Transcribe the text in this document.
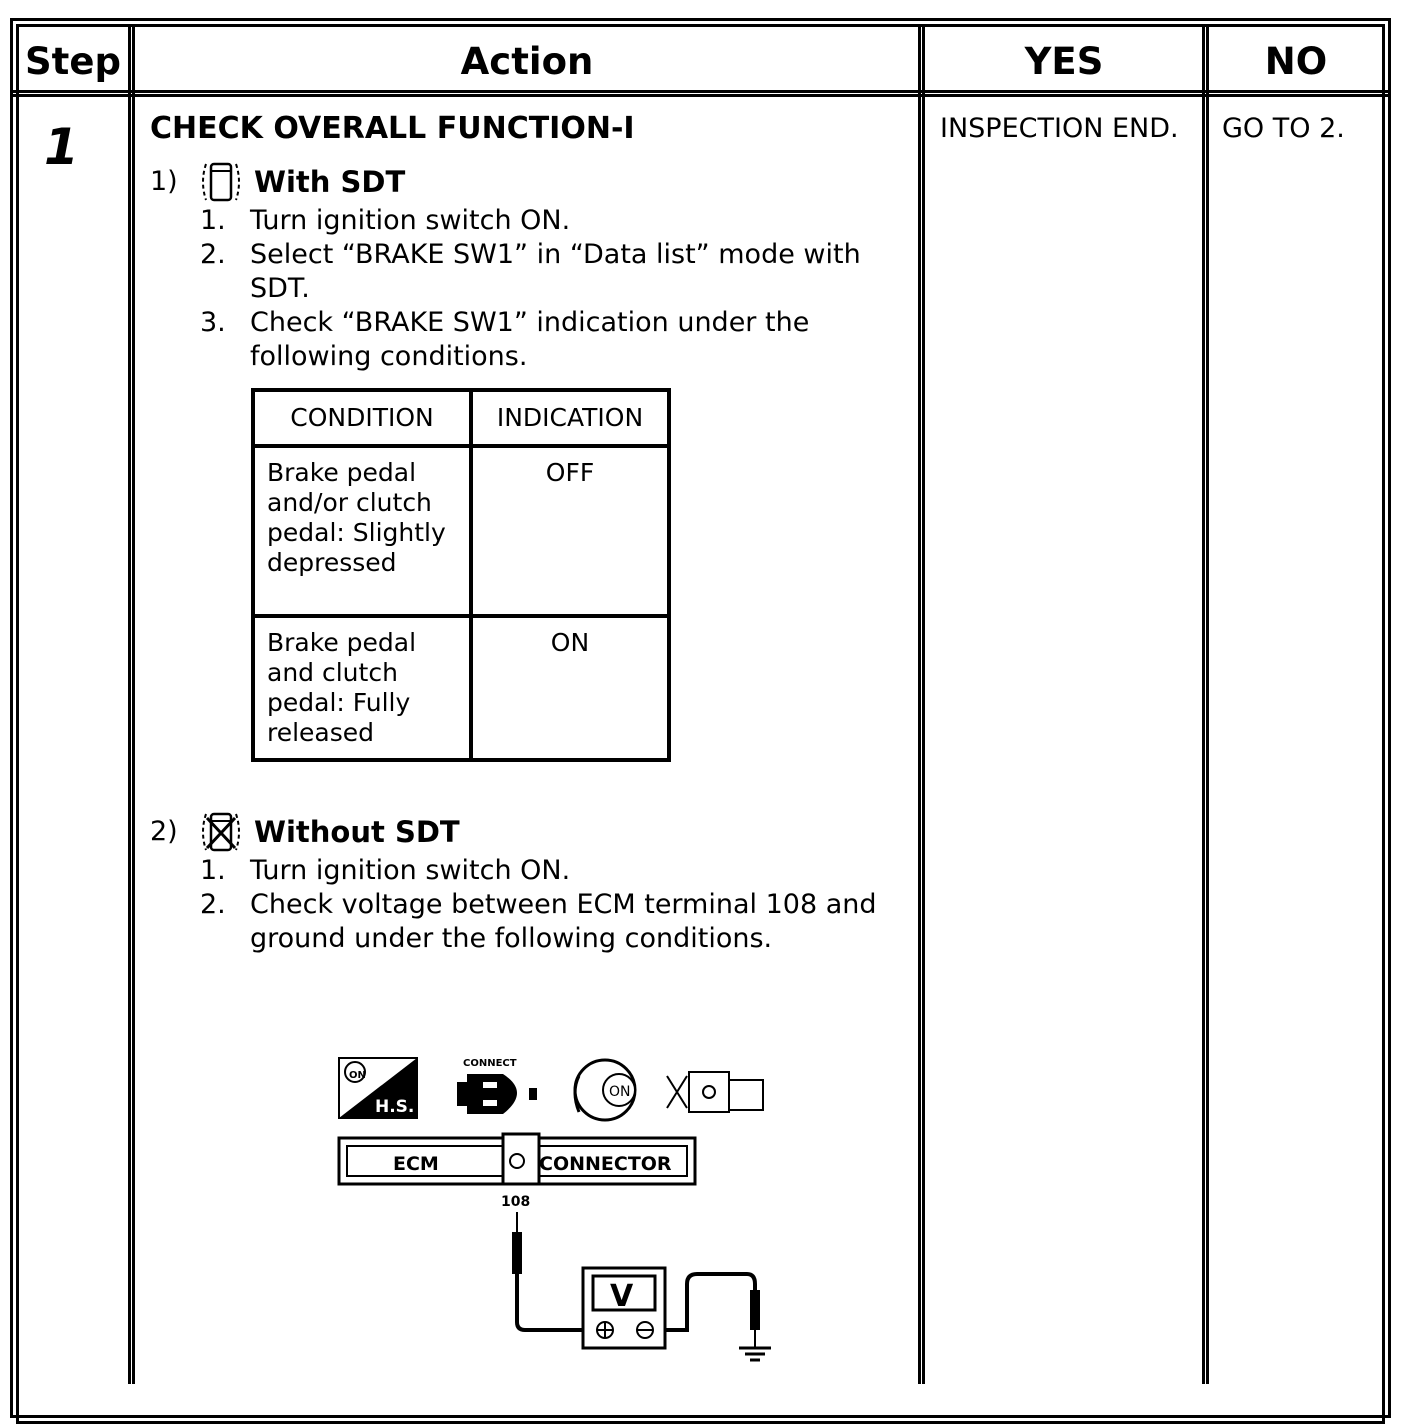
Step	Action	YES	NO
1 CHECK OVERALL FUNCTION-I
1)	With SDT
1. Turn ignition switch ON.
2. Select “BRAKE SW1” in “Data list” mode with SDT.
3. Check “BRAKE SW1” indication under the following conditions.
CONDITION	INDICATION
Brake pedal and/or clutch pedal: Slightly depressed	OFF
Brake pedal and clutch pedal: Fully released	ON
2)	Without SDT
1. Turn ignition switch ON.
2. Check voltage between ECM terminal 108 and ground under the following conditions.
ON
H.S.
CONNECT
ON
ECM	CONNECTOR
108
V
INSPECTION END.	GO TO 2.
